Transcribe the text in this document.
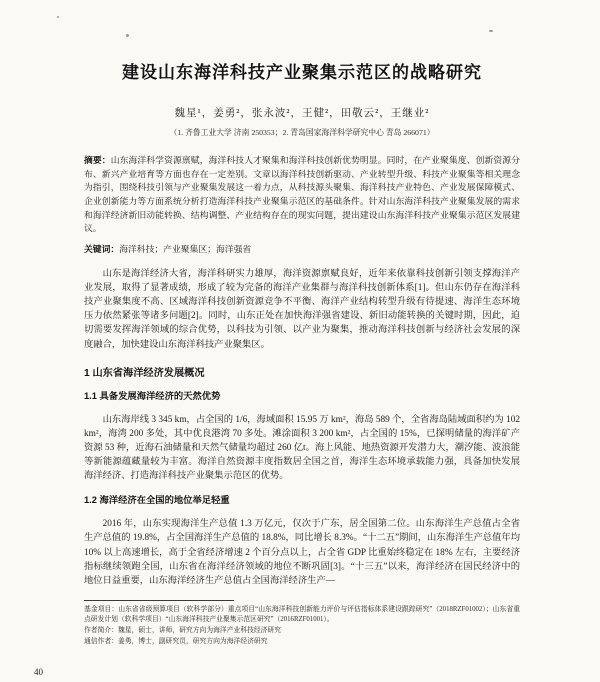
建设山东海洋科技产业聚集示范区的战略研究
魏星¹，姜勇²，张永波²，王健²，田敬云²，王继业²
（1. 齐鲁工业大学 济南 250353；2. 青岛国家海洋科学研究中心 青岛 266071）

摘要：山东海洋科学资源禀赋，海洋科技人才聚集和海洋科技创新优势明显。同时，在产业聚集度、创新资源分布、新兴产业培育等方面也存在一定差别。文章以海洋科技创新驱动、产业转型升级、科技产业聚集等相关理念为指引，围绕科技引领与产业聚集发展这一着力点，从科技源头聚集、海洋科技产业特色、产业发展保障模式、企业创新能力等方面系统分析打造海洋科技产业聚集示范区的基础条件。针对山东海洋科技产业聚集发展的需求和海洋经济新旧动能转换、结构调整、产业结构存在的现实问题，提出建设山东海洋科技产业聚集示范区发展建议。

关键词：海洋科技；产业聚集区；海洋强省

山东是海洋经济大省，海洋科研实力雄厚，海洋资源禀赋良好，近年来依靠科技创新引领支撑海洋产业发展，取得了显著成绩，形成了较为完备的海洋产业集群与海洋科技创新体系[1]。但山东仍存在海洋科技产业聚集度不高、区域海洋科技创新资源竞争不平衡、海洋产业结构转型升级有待提速、海洋生态环境压力依然紧张等诸多问题[2]。同时，山东正处在加快海洋强省建设、新旧动能转换的关键时期，因此，迫切需要发挥海洋领域的综合优势，以科技为引领、以产业为聚集，推动海洋科技创新与经济社会发展的深度融合，加快建设山东海洋科技产业聚集区。

1 山东省海洋经济发展概况
1.1 具备发展海洋经济的天然优势

山东海岸线 3 345 km，占全国的 1/6，海域面积 15.95 万 km²，海岛 589 个，全省海岛陆域面积约为 102 km²，海湾 200 多处，其中优良港湾 70 多处。滩涂面积 3 200 km²，占全国的 15%，已探明储量的海洋矿产资源 53 种，近海石油储量和天然气储量均超过 260 亿t。海上风能、地热资源开发潜力大，潮汐能、波浪能等新能源蕴藏量较为丰富。海洋自然资源丰度指数居全国之首，海洋生态环境承载能力强，具备加快发展海洋经济、打造海洋科技产业聚集示范区的优势。

1.2 海洋经济在全国的地位举足轻重

2016 年，山东实现海洋生产总值 1.3 万亿元，仅次于广东，居全国第二位。山东海洋生产总值占全省生产总值的 19.8%，占全国海洋生产总值的 18.8%，同比增长 8.3%。“十二五”期间，山东海洋生产总值年均 10% 以上高速增长，高于全省经济增速 2 个百分点以上，占全省 GDP 比重始终稳定在 18% 左右，主要经济指标继续领跑全国，山东省在海洋经济领域的地位不断巩固[3]。“十三五”以来，海洋经济在国民经济中的地位日益重要，山东海洋经济生产总值占全国海洋经济生产—

基金项目：山东省省级预算项目（软科学部分）重点项目“山东海洋科技创新能力评价与评估指标体系建设跟踪研究”（2018RZF01002）；山东省重点研发计划（软科学项目）“山东海洋科技产业聚集示范区研究”（2016RZF01001）。

作者简介：魏星，硕士，讲师，研究方向为海洋产业科技经济研究

通信作者：姜勇，博士，副研究员，研究方向为海洋经济研究

40
